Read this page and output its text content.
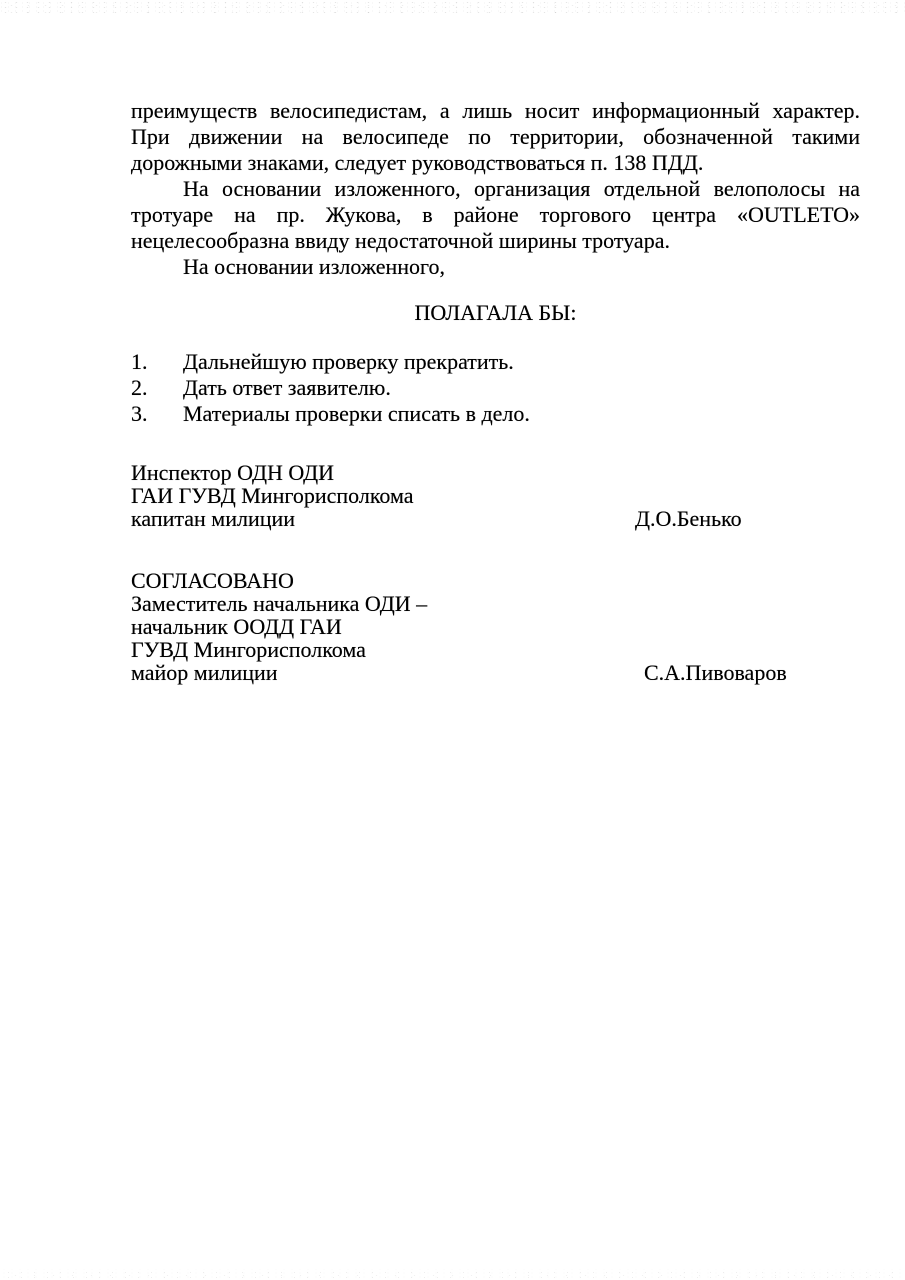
преимуществ велосипедистам, а лишь носит информационный характер.
При движении на велосипеде по территории, обозначенной такими
дорожными знаками, следует руководствоваться п. 138 ПДД.
На основании изложенного, организация отдельной велополосы на
тротуаре на пр. Жукова, в районе торгового центра «OUTLETO»
нецелесообразна ввиду недостаточной ширины тротуара.
На основании изложенного,
ПОЛАГАЛА БЫ:
1.	Дальнейшую проверку прекратить.
2.	Дать ответ заявителю.
3.	Материалы проверки списать в дело.
Инспектор ОДН ОДИ
ГАИ ГУВД Мингорисполкома
капитан милиции	Д.О.Бенько
СОГЛАСОВАНО
Заместитель начальника ОДИ –
начальник ООДД ГАИ
ГУВД Мингорисполкома
майор милиции	С.А.Пивоваров
